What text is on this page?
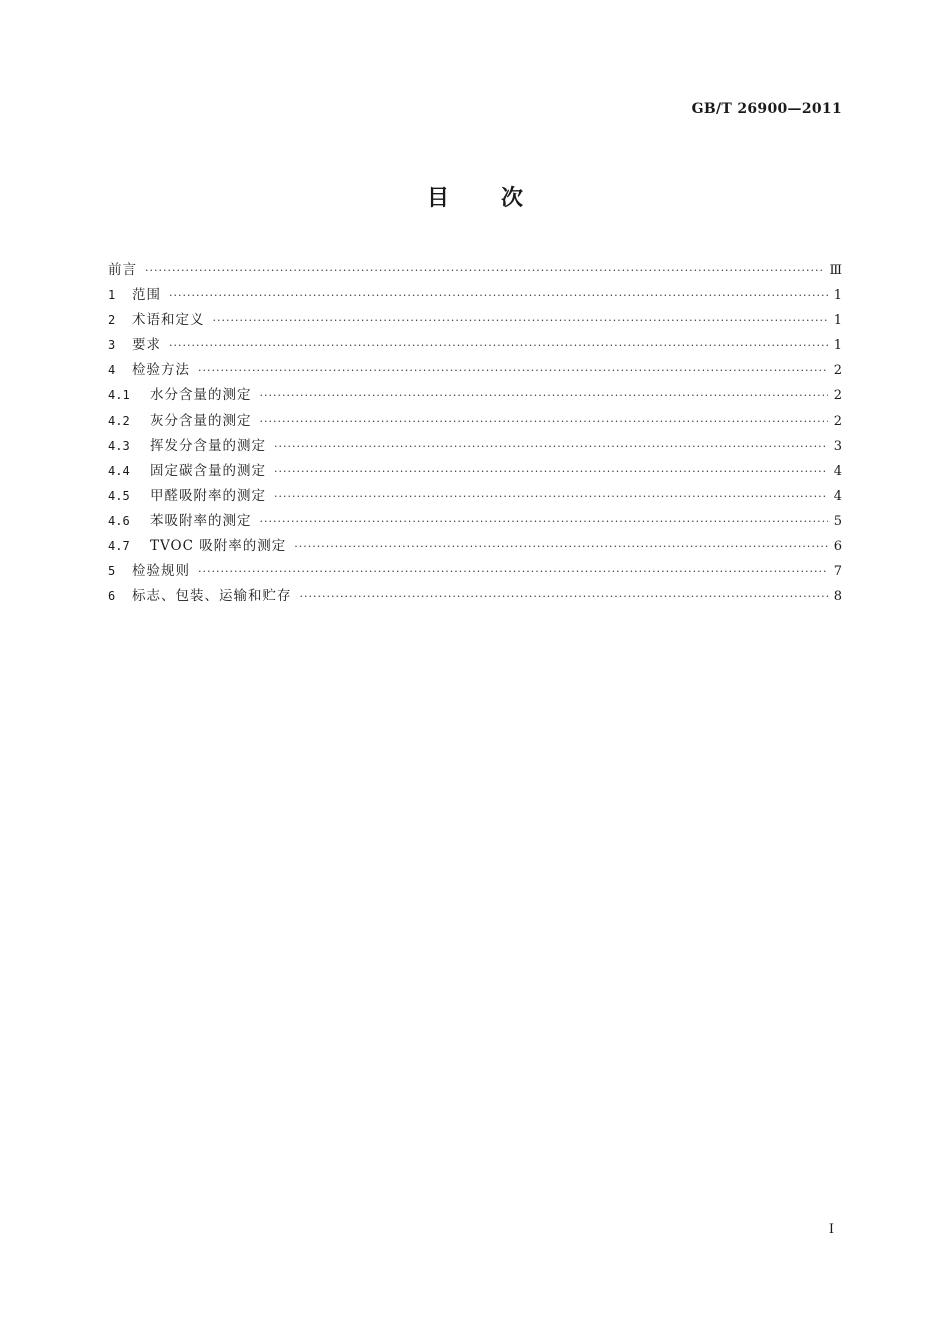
GB/T 26900—2011
目 次
前言 ·····	Ⅲ
1	范围 ·····	1
2	术语和定义 ·····	1
3	要求 ·····	1
4	检验方法 ·····	2
4.1	水分含量的测定 ·····	2
4.2	灰分含量的测定 ·····	2
4.3	挥发分含量的测定 ·····	3
4.4	固定碳含量的测定 ·····	4
4.5	甲醛吸附率的测定 ·····	4
4.6	苯吸附率的测定 ·····	5
4.7	TVOC 吸附率的测定 ·····	6
5	检验规则 ·····	7
6	标志、包装、运输和贮存 ·····	8
I
